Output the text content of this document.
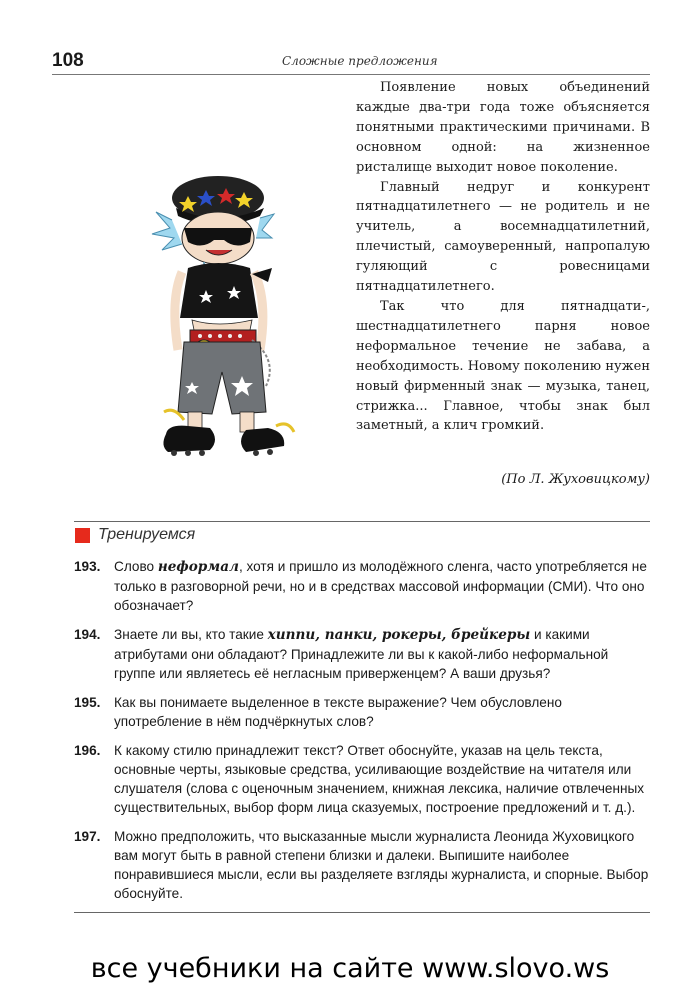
108	Сложные предложения

Появление новых объединений каждые два-три года тоже объясняется понятными практическими причинами. В основном одной: на жизненное ристалище выходит новое поколение.

Главный недруг и конкурент пятнадцатилетнего — не родитель и не учитель, а восемнадцатилетний, плечистый, самоуверенный, напропалую гуляющий с ровесницами пятнадцатилетнего.

Так что для пятнадцати-, шестнадцатилетнего парня новое неформальное течение не забава, а необходимость. Новому поколению нужен новый фирменный знак — музыка, танец, стрижка... Главное, чтобы знак был заметный, а клич громкий.

(По Л. Жуховицкому)
Тренируемся
193. Слово неформал, хотя и пришло из молодёжного сленга, часто употребляется не только в разговорной речи, но и в средствах массовой информации (СМИ). Что оно обозначает?
194. Знаете ли вы, кто такие хиппи, панки, рокеры, брейкеры и какими атрибутами они обладают? Принадлежите ли вы к какой-либо неформальной группе или являетесь её негласным приверженцем? А ваши друзья?
195. Как вы понимаете выделенное в тексте выражение? Чем обусловлено употребление в нём подчёркнутых слов?
196. К какому стилю принадлежит текст? Ответ обоснуйте, указав на цель текста, основные черты, языковые средства, усиливающие воздействие на читателя или слушателя (слова с оценочным значением, книжная лексика, наличие отвлеченных существительных, выбор форм лица сказуемых, построение предложений и т. д.).
197. Можно предположить, что высказанные мысли журналиста Леонида Жуховицкого вам могут быть в равной степени близки и далеки. Выпишите наиболее понравившиеся мысли, если вы разделяете взгляды журналиста, и спорные. Выбор обоснуйте.
все учебники на сайте www.slovo.ws
